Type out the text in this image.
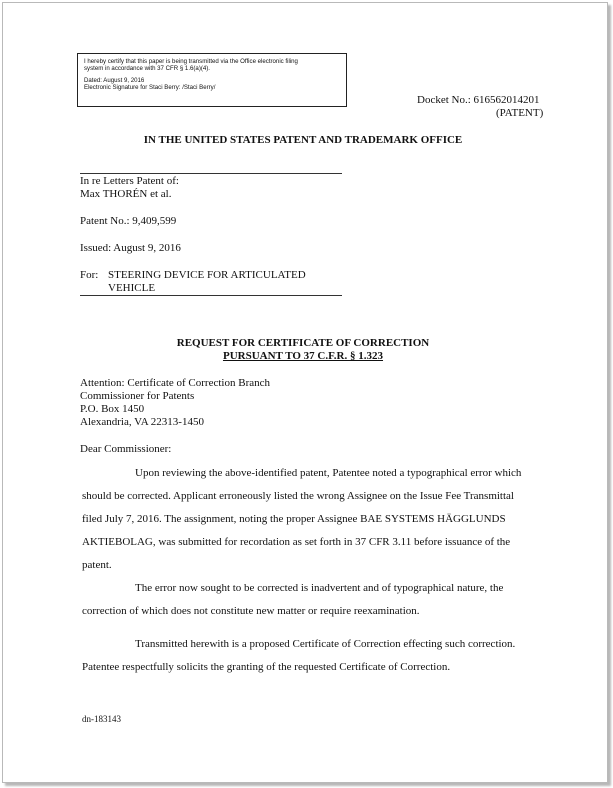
I hereby certify that this paper is being transmitted via the Office electronic filing
system in accordance with 37 CFR § 1.6(a)(4).
Dated: August 9, 2016
Electronic Signature for Staci Berry: /Staci Berry/
Docket No.: 616562014201
(PATENT)
IN THE UNITED STATES PATENT AND TRADEMARK OFFICE
In re Letters Patent of:
Max THORÉN et al.
Patent No.: 9,409,599
Issued: August 9, 2016
For: STEERING DEVICE FOR ARTICULATED
VEHICLE
REQUEST FOR CERTIFICATE OF CORRECTION
PURSUANT TO 37 C.F.R. § 1.323
Attention: Certificate of Correction Branch
Commissioner for Patents
P.O. Box 1450
Alexandria, VA 22313-1450
Dear Commissioner:
Upon reviewing the above-identified patent, Patentee noted a typographical error which should be corrected. Applicant erroneously listed the wrong Assignee on the Issue Fee Transmittal filed July 7, 2016. The assignment, noting the proper Assignee BAE SYSTEMS HÄGGLUNDS AKTIEBOLAG, was submitted for recordation as set forth in 37 CFR 3.11 before issuance of the patent.
The error now sought to be corrected is inadvertent and of typographical nature, the correction of which does not constitute new matter or require reexamination.
Transmitted herewith is a proposed Certificate of Correction effecting such correction. Patentee respectfully solicits the granting of the requested Certificate of Correction.
dn-183143
